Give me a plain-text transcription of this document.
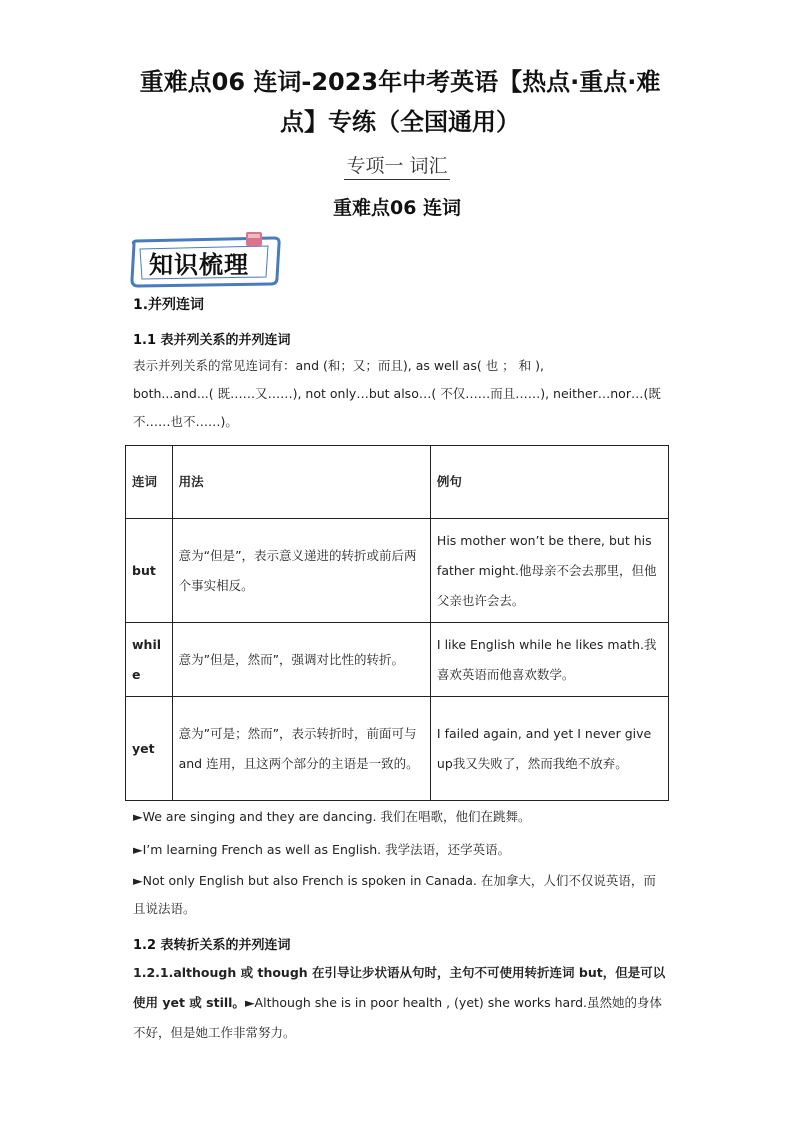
重难点06 连词-2023年中考英语【热点·重点·难
点】专练（全国通用）
专项一 词汇
重难点06 连词
知识梳理
1.并列连词
1.1 表并列关系的并列连词
表示并列关系的常见连词有：and (和；又；而且), as well as( 也 ； 和 ),
both...and...( 既……又……), not only…but also…( 不仅……而且……), neither…nor…(既
不……也不……)。
连词	用法	例句
but	意为“但是”，表示意义递进的转折或前后两个事实相反。	His mother won’t be there, but his father might.他母亲不会去那里，但他父亲也许会去。
while	意为”但是，然而”，强调对比性的转折。	I like English while he likes math.我喜欢英语而他喜欢数学。
yet	意为”可是；然而”，表示转折时，前面可与 and 连用，且这两个部分的主语是一致的。	I failed again, and yet I never give up我又失败了，然而我绝不放弃。
►We are singing and they are dancing. 我们在唱歌，他们在跳舞。
►I’m learning French as well as English. 我学法语，还学英语。
►Not only English but also French is spoken in Canada. 在加拿大，人们不仅说英语，而且说法语。
1.2 表转折关系的并列连词
1.2.1.although 或 though 在引导让步状语从句时，主句不可使用转折连词 but，但是可以使用 yet 或 still。►Although she is in poor health , (yet) she works hard.虽然她的身体不好，但是她工作非常努力。
